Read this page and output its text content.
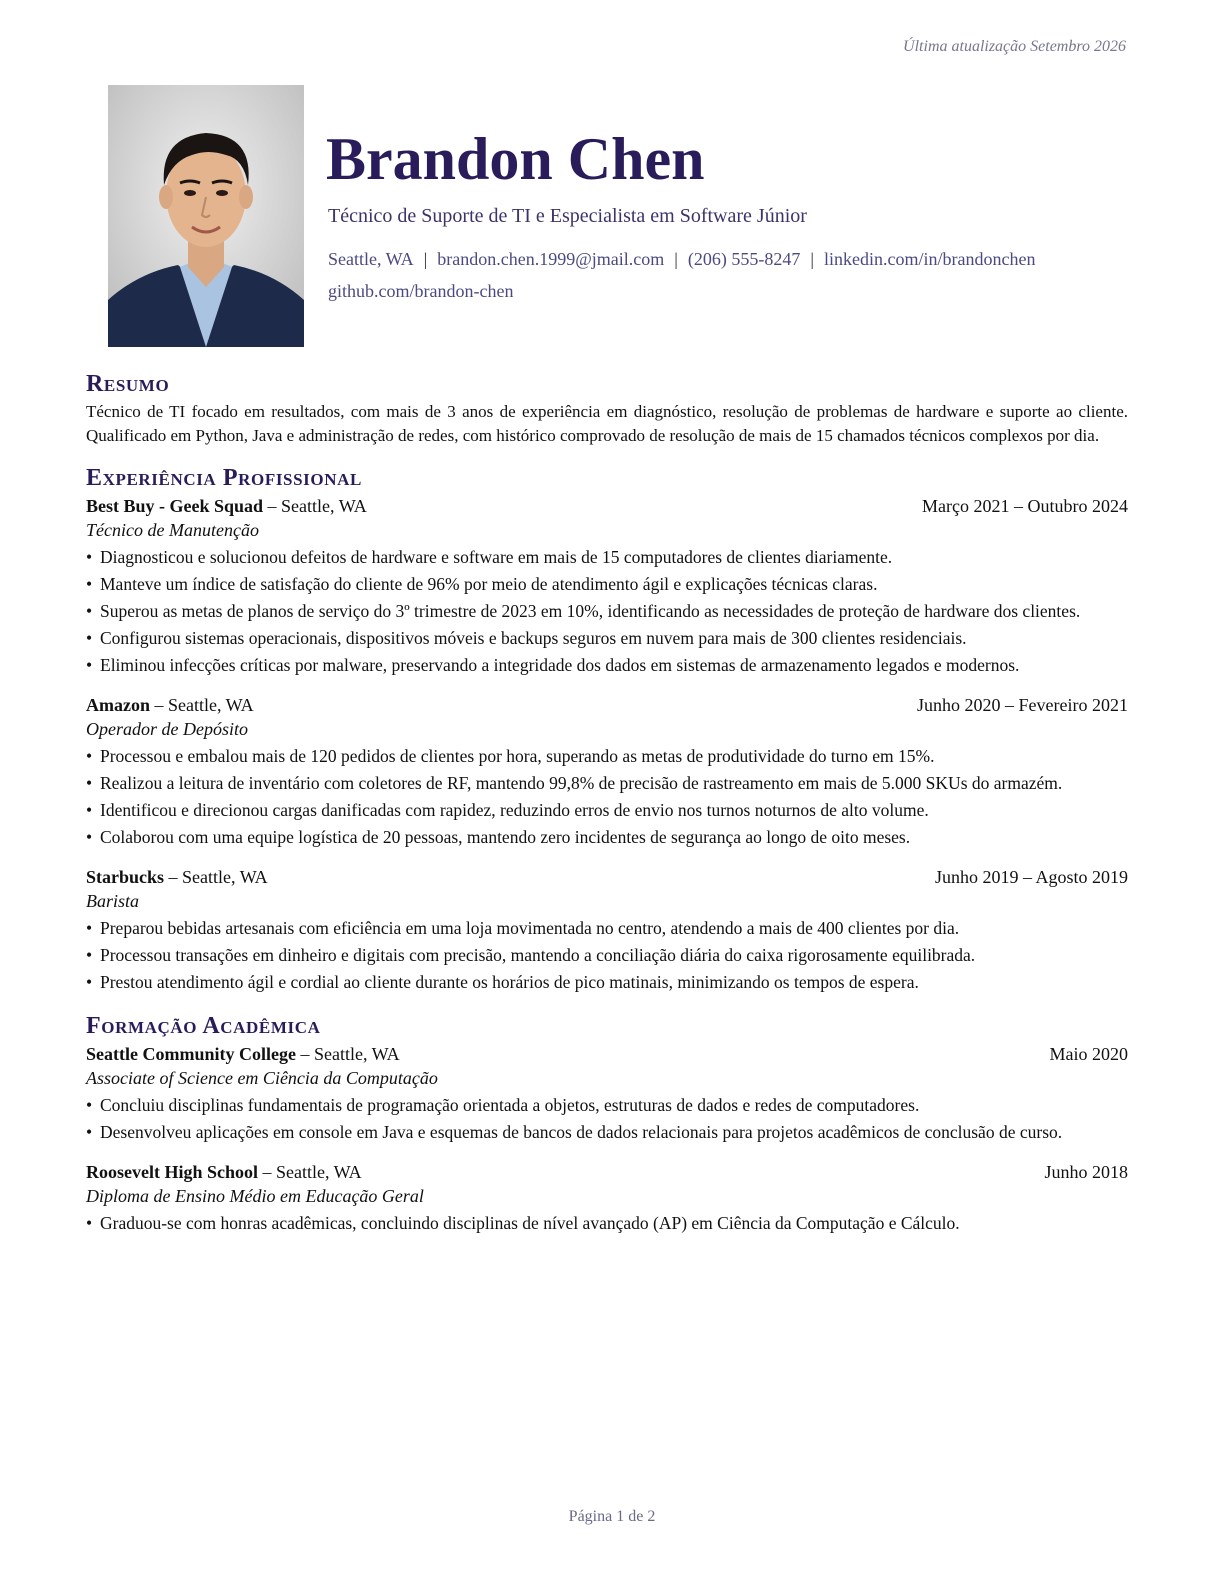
Última atualização Setembro 2026
Brandon Chen
Técnico de Suporte de TI e Especialista em Software Júnior
Seattle, WA | brandon.chen.1999@jmail.com | (206) 555-8247 | linkedin.com/in/brandonchen
github.com/brandon-chen
Resumo

Técnico de TI focado em resultados, com mais de 3 anos de experiência em diagnóstico, resolução de problemas de hardware e suporte ao cliente. Qualificado em Python, Java e administração de redes, com histórico comprovado de resolução de mais de 15 chamados técnicos complexos por dia.

Experiência Profissional
Best Buy - Geek Squad – Seattle, WA	Março 2021 – Outubro 2024
Técnico de Manutenção
• Diagnosticou e solucionou defeitos de hardware e software em mais de 15 computadores de clientes diariamente.
• Manteve um índice de satisfação do cliente de 96% por meio de atendimento ágil e explicações técnicas claras.
• Superou as metas de planos de serviço do 3º trimestre de 2023 em 10%, identificando as necessidades de proteção de hardware dos clientes.
• Configurou sistemas operacionais, dispositivos móveis e backups seguros em nuvem para mais de 300 clientes residenciais.
• Eliminou infecções críticas por malware, preservando a integridade dos dados em sistemas de armazenamento legados e modernos.
Amazon – Seattle, WA	Junho 2020 – Fevereiro 2021
Operador de Depósito
• Processou e embalou mais de 120 pedidos de clientes por hora, superando as metas de produtividade do turno em 15%.
• Realizou a leitura de inventário com coletores de RF, mantendo 99,8% de precisão de rastreamento em mais de 5.000 SKUs do armazém.
• Identificou e direcionou cargas danificadas com rapidez, reduzindo erros de envio nos turnos noturnos de alto volume.
• Colaborou com uma equipe logística de 20 pessoas, mantendo zero incidentes de segurança ao longo de oito meses.
Starbucks – Seattle, WA	Junho 2019 – Agosto 2019
Barista
• Preparou bebidas artesanais com eficiência em uma loja movimentada no centro, atendendo a mais de 400 clientes por dia.
• Processou transações em dinheiro e digitais com precisão, mantendo a conciliação diária do caixa rigorosamente equilibrada.
• Prestou atendimento ágil e cordial ao cliente durante os horários de pico matinais, minimizando os tempos de espera.
Formação Acadêmica
Seattle Community College – Seattle, WA	Maio 2020
Associate of Science em Ciência da Computação
• Concluiu disciplinas fundamentais de programação orientada a objetos, estruturas de dados e redes de computadores.
• Desenvolveu aplicações em console em Java e esquemas de bancos de dados relacionais para projetos acadêmicos de conclusão de curso.
Roosevelt High School – Seattle, WA	Junho 2018
Diploma de Ensino Médio em Educação Geral
• Graduou-se com honras acadêmicas, concluindo disciplinas de nível avançado (AP) em Ciência da Computação e Cálculo.
Página 1 de 2
